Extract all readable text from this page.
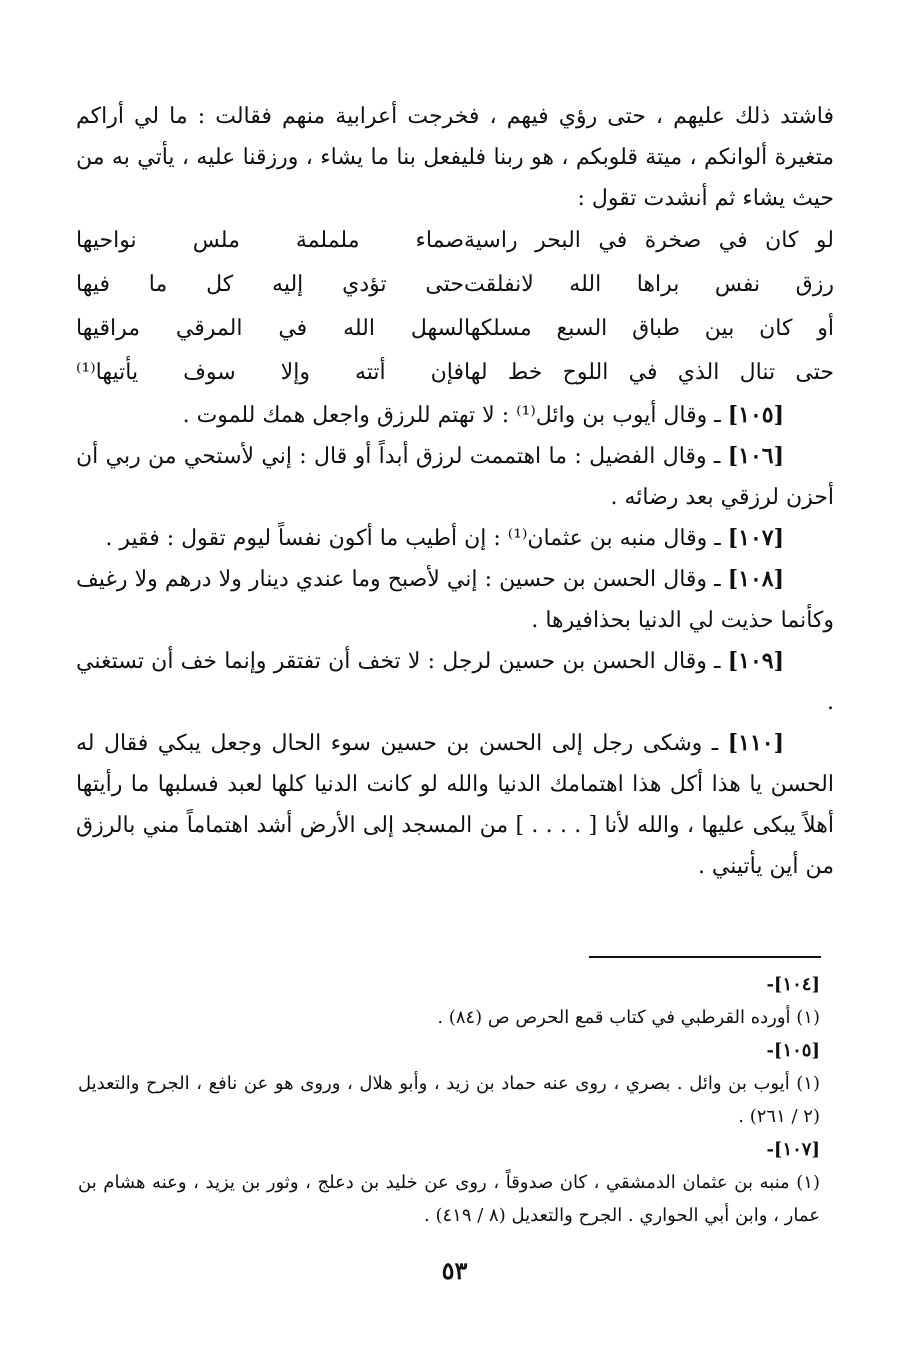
فاشتد ذلك عليهم ، حتى رؤي فيهم ، فخرجت أعرابية منهم فقالت : ما لي أراكم متغيرة ألوانكم ، ميتة قلوبكم ، هو ربنا فليفعل بنا ما يشاء ، ورزقنا عليه ، يأتي به من حيث يشاء ثم أنشدت تقول :

لو كان في صخرة في البحر راسية
صماء ململمة ملس نواحيها
رزق نفس براها الله لانفلقت
حتى تؤدي إليه كل ما فيها
أو كان بين طباق السبع مسلكها
لسهل الله في المرقي مراقيها
حتى تنال الذي في اللوح خط لها
فإن أتته وإلا سوف يأتيها⁽¹⁾

[١٠٥] ـ وقال أيوب بن وائل⁽¹⁾ : لا تهتم للرزق واجعل همك للموت .

[١٠٦] ـ وقال الفضيل : ما اهتممت لرزق أبداً أو قال : إني لأستحي من ربي أن أحزن لرزقي بعد رضائه .

[١٠٧] ـ وقال منبه بن عثمان⁽¹⁾ : إن أطيب ما أكون نفساً ليوم تقول : فقير .

[١٠٨] ـ وقال الحسن بن حسين : إني لأصبح وما عندي دينار ولا درهم ولا رغيف وكأنما حذيت لي الدنيا بحذافيرها .

[١٠٩] ـ وقال الحسن بن حسين لرجل : لا تخف أن تفتقر وإنما خف أن تستغني .

[١١٠] ـ وشكى رجل إلى الحسن بن حسين سوء الحال وجعل يبكي فقال له الحسن يا هذا أكل هذا اهتمامك الدنيا والله لو كانت الدنيا كلها لعبد فسلبها ما رأيتها أهلاً يبكى عليها ، والله لأنا [ . . . . ] من المسجد إلى الأرض أشد اهتماماً مني بالرزق من أين يأتيني .

[١٠٤]-

(١) أورده القرطبي في كتاب قمع الحرص ص (٨٤) .

[١٠٥]-

(١) أيوب بن وائل . بصري ، روى عنه حماد بن زيد ، وأبو هلال ، وروى هو عن نافع ، الجرح والتعديل (٢ / ٢٦١) .

[١٠٧]-

(١) منبه بن عثمان الدمشقي ، كان صدوقاً ، روى عن خليد بن دعلج ، وثور بن يزيد ، وعنه هشام بن عمار ، وابن أبي الحواري . الجرح والتعديل (٨ / ٤١٩) .

٥٣
